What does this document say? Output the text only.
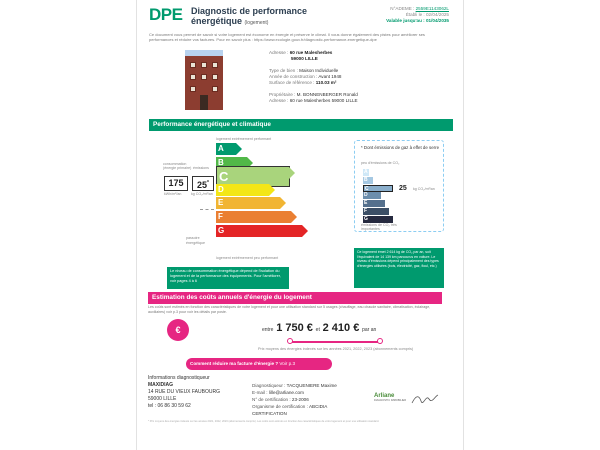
DPE Diagnostic de performance
énergétique (logement)
N°ADEME : 2559E1143062L
Établi le : 02/04/2025
Valable jusqu'au : 01/04/2035
Ce document vous permet de savoir si votre logement est économe en énergie et préserve le climat. Il vous donne également des pistes pour améliorer ses performances et réduire vos factures. Pour en savoir plus : https://www.ecologie.gouv.fr/diagnostic-performance-energetique-dpe
Adresse : 60 rue Malesherbes
59000 LILLE
Type de bien : Maison Individuelle
Année de construction : Avant 1948
Surface de référence : 110.03 m²
Propriétaire : M. BONNENBERGER Ronald
Adresse : 60 rue Malesherbes 59000 LILLE
Performance énergétique et climatique
logement extrêmement performant
A
B
C
D
E
F
G
consommation (énergie primaire) émissions
175	25*
kWh/m²/an	kg CO₂/m²/an
passoire énergétique
logement extrêmement peu performant
Le niveau de consommation énergétique dépend de l'isolation du logement et de la performance des équipements. Pour l'améliorer, voir pages 4 à 6
* Dont émissions de gaz à effet de serre
peu d'émissions de CO₂
A
B
C
D
E
F
G
25 kg CO₂/m²/an
émissions de CO₂ très importantes
Ce logement émet 2 614 kg de CO₂ par an, soit l'équivalent de 14 139 km parcourus en voiture. Le niveau d'émissions dépend principalement des types d'énergies utilisées (bois, électricité, gaz, fioul, etc.)
Estimation des coûts annuels d'énergie du logement
Les coûts sont estimés en fonction des caractéristiques de votre logement et pour une utilisation standard sur 5 usages (chauffage, eau chaude sanitaire, climatisation, éclairage, auxiliaires) voir p.3 pour voir les détails par poste.
€	entre 1 750 € et 2 410 € par an
Prix moyens des énergies indexés sur les années 2021, 2022, 2023 (abonnements compris)
Comment réduire ma facture d'énergie ? Voir p.3
Informations diagnostiqueur
MAXIDIAG
14 RUE DU VIEUX FAUBOURG
59000 LILLE
tel : 06 86 30 59 62
Diagnostiqueur : TACQUENIERE Maxime
E-mail : lille@arliane.com
N° de certification : 23-2006
Organisme de certification : ABCIDIA
CERTIFICATION
Arliane
DIAGNOSTIC IMMOBILIER
* Prix moyens des énergies indexés sur les années 2021, 2022, 2023 (abonnements compris). Les coûts sont estimés en fonction des caractéristiques de votre logement et pour une utilisation standard.
